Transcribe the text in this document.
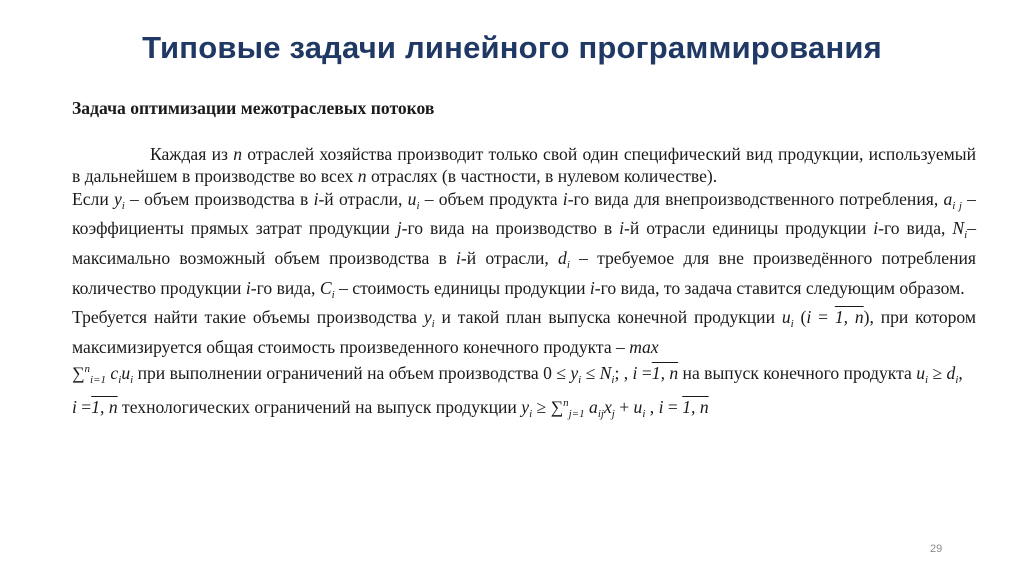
Типовые задачи линейного программирования

Задача оптимизации межотраслевых потоков

Каждая из n отраслей хозяйства производит только свой один специфический вид продукции, используемый в дальнейшем в производстве во всех n отраслях (в частности, в нулевом количестве).

Если $y_i$ – объем производства в i-й отрасли, $u_i$ – объем продукта i-го вида для внепроизводственного потребления, $a_{i j}$ – коэффициенты прямых затрат продукции j-го вида на производство в i-й отрасли единицы продукции i-го вида, $N_i-$ максимально возможный объем производства в i-й отрасли, $d_i$ – требуемое для вне произведённого потребления количество продукции i-го вида, $C_i$ – стоимость единицы продукции i-го вида, то задача ставится следующим образом.

Требуется найти такие объемы производства $y_i$ и такой план выпуска конечной продукции $u_i$ (i = 1, n), при котором максимизируется общая стоимость произведенного конечного продукта – max
∑$^n_{i=1}$ $c_iu_i$ при выполнении ограничений на объем производства $0 \le y_i \le N_i$; , i =1, n на выпуск конечного продукта $u_i \ge d_i$,
i =1, n технологических ограничений на выпуск продукции $y_i \ge \sum^n_{j=1}$ $a_{ij}x_j + u_i$ , i = 1, n

29
